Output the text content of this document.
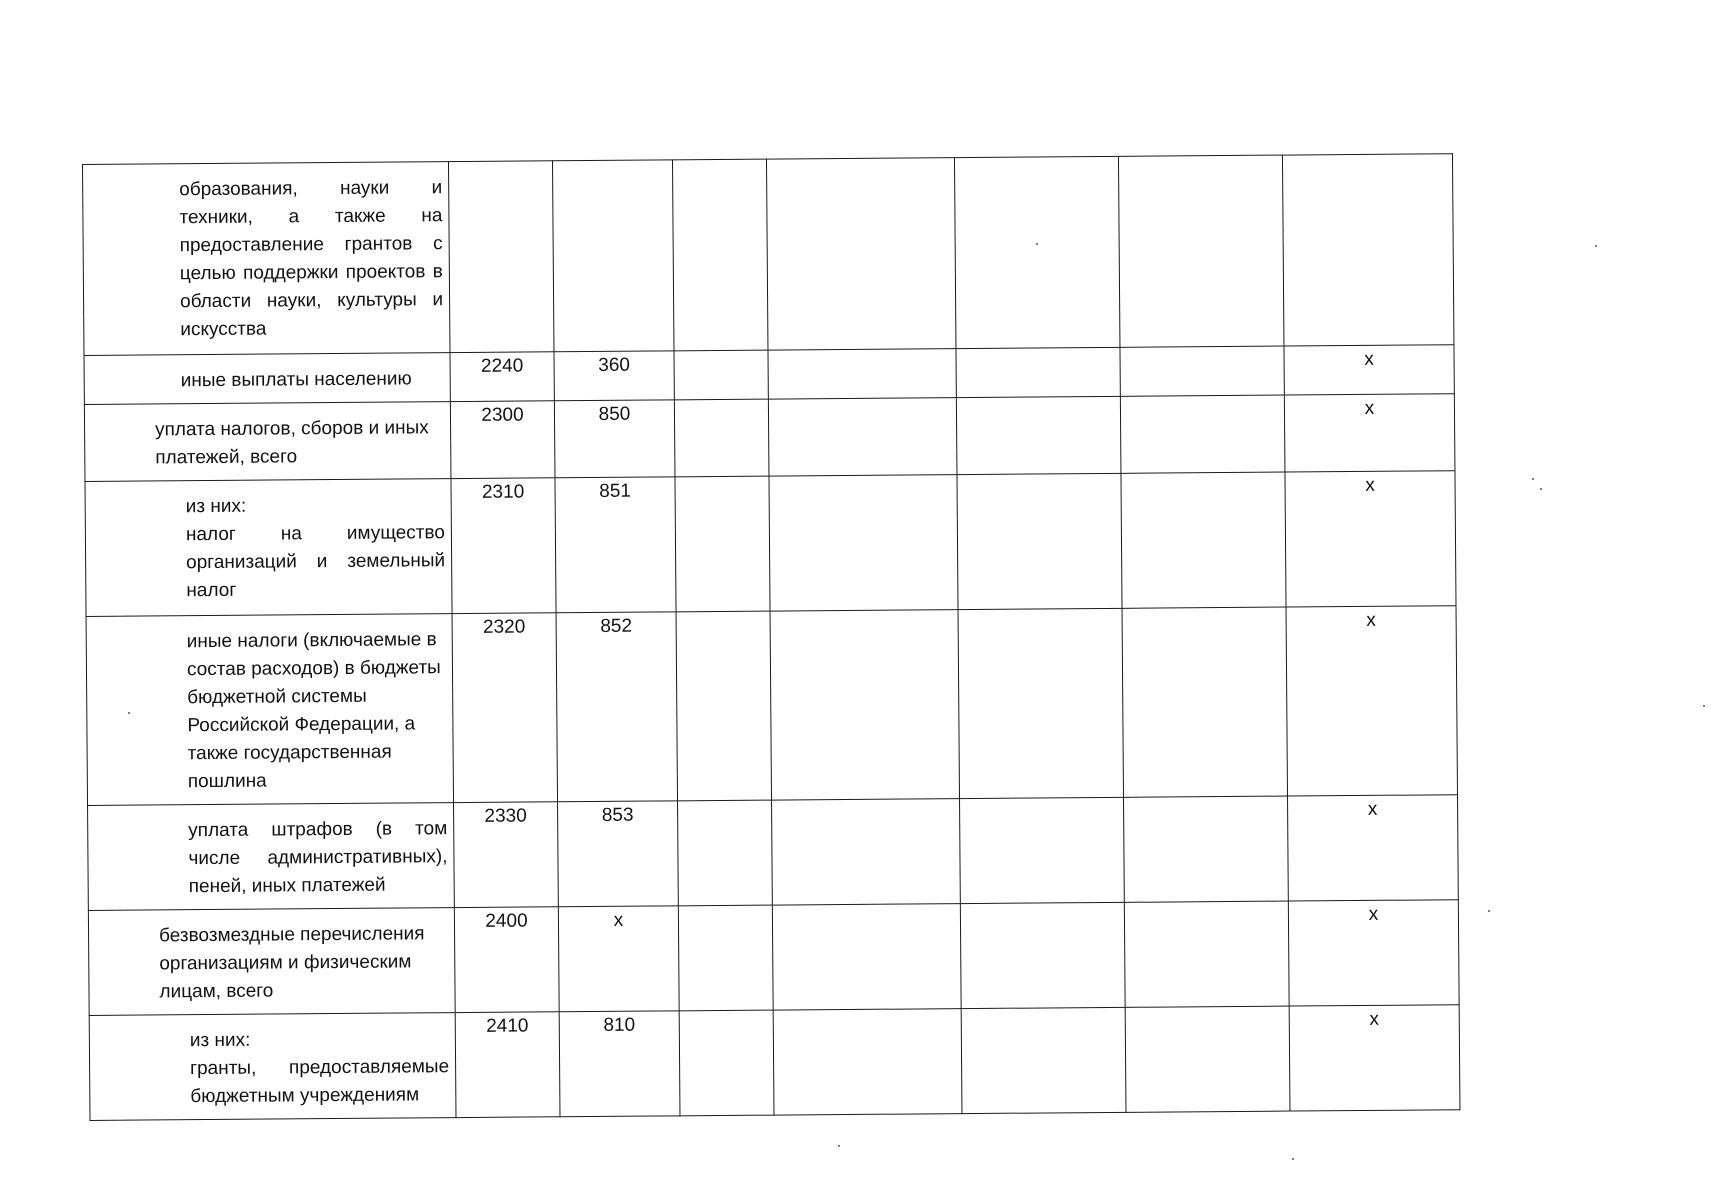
образования, науки и техники, а также на предоставление грантов с целью поддержки проектов в области науки, культуры и искусства							

иные выплаты населению	2240	360					x

уплата налогов, сборов и иных платежей, всего	2300	850					x

из них:

налог на имущество организаций и земельный налог	2310	851					x

иные налоги (включаемые в состав расходов) в бюджеты бюджетной системы Российской Федерации, а также государственная пошлина	2320	852					x

уплата штрафов (в том числе административных), пеней, иных платежей	2330	853					x

безвозмездные перечисления организациям и физическим лицам, всего	2400	x					x

из них:

гранты, предоставляемые бюджетным учреждениям	2410	810					x
